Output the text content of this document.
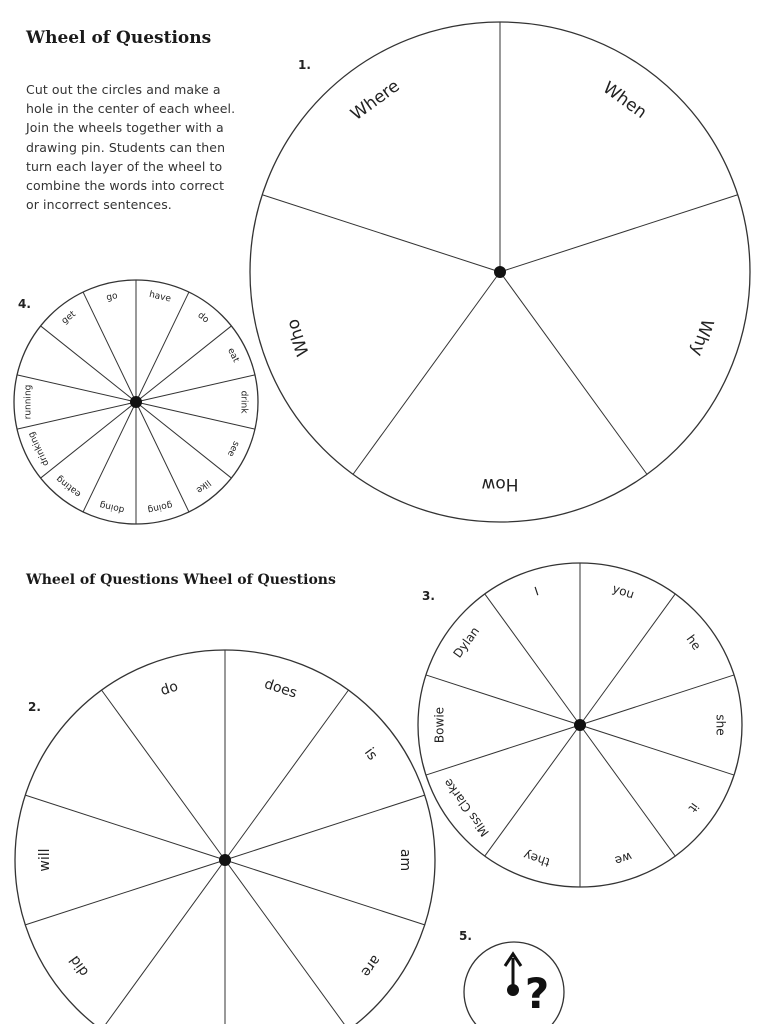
Wheel of Questions
Cut out the circles and make a hole in the center of each wheel. Join the wheels together with a drawing pin. Students can then turn each layer of the wheel to combine the words into correct or incorrect sentences.
Wheel of Questions Wheel of Questions
When
Why
How
Who
Where
1.
does
is
am
are
did
will
do
2.
you
he
she
it
we
they
Miss Clarke
Bowie
Dylan
I
3.
have
do
eat
drink
see
like
going
doing
eating
drinking
running
get
go
4.
?
5.
